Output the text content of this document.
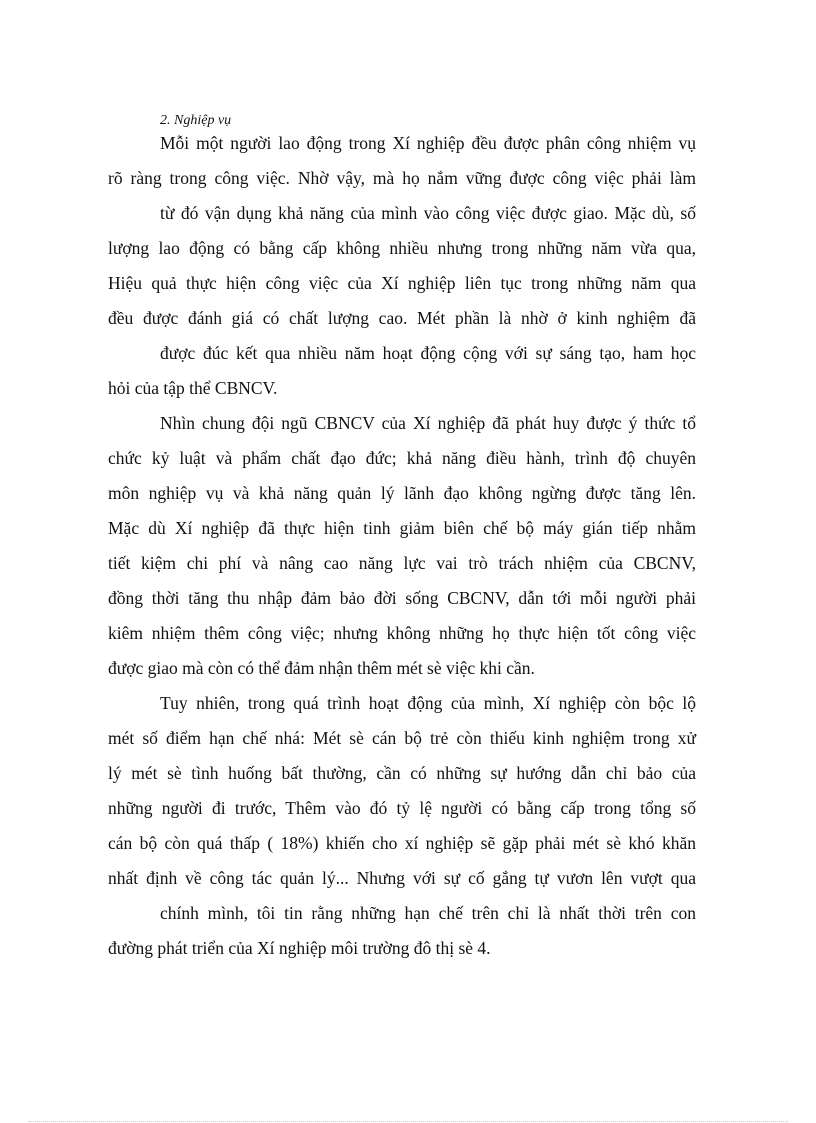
2. Nghiệp vụ
Mỗi một người lao động trong Xí nghiệp đều được phân công nhiệm vụ
rõ ràng trong công việc. Nhờ vậy, mà họ nắm vững được công việc phải làm
từ đó vận dụng khả năng của mình vào công việc được giao. Mặc dù, số
lượng lao động có bằng cấp không nhiều nhưng trong những năm vừa qua,
Hiệu quả thực hiện công việc của Xí nghiệp liên tục trong những năm qua
đều được đánh giá có chất lượng cao. Mét phần là nhờ ở kinh nghiệm đã
được đúc kết qua nhiều năm hoạt động cộng với sự sáng tạo, ham học
hỏi của tập thể CBNCV.
Nhìn chung đội ngũ CBNCV của Xí nghiệp đã phát huy được ý thức tổ
chức kỷ luật và phẩm chất đạo đức; khả năng điều hành, trình độ chuyên
môn nghiệp vụ và khả năng quản lý lãnh đạo không ngừng được tăng lên.
Mặc dù Xí nghiệp đã thực hiện tinh giảm biên chế bộ máy gián tiếp nhằm
tiết kiệm chi phí và nâng cao năng lực vai trò trách nhiệm của CBCNV,
đồng thời tăng thu nhập đảm bảo đời sống CBCNV, dẫn tới mỗi người phải
kiêm nhiệm thêm công việc; nhưng không những họ thực hiện tốt công việc
được giao mà còn có thể đảm nhận thêm mét sè việc khi cần.
Tuy nhiên, trong quá trình hoạt động của mình, Xí nghiệp còn bộc lộ
mét số điểm hạn chế nhá: Mét sè cán bộ trẻ còn thiếu kinh nghiệm trong xử
lý mét sè tình huống bất thường, cần có những sự hướng dẫn chỉ bảo của
những người đi trước, Thêm vào đó tỷ lệ người có bằng cấp trong tổng số
cán bộ còn quá thấp ( 18%) khiến cho xí nghiệp sẽ gặp phải mét sè khó khăn
nhất định về công tác quản lý... Nhưng với sự cố gắng tự vươn lên vượt qua
chính mình, tôi tin rằng những hạn chế trên chỉ là nhất thời trên con
đường phát triển của Xí nghiệp môi trường đô thị sè 4.
